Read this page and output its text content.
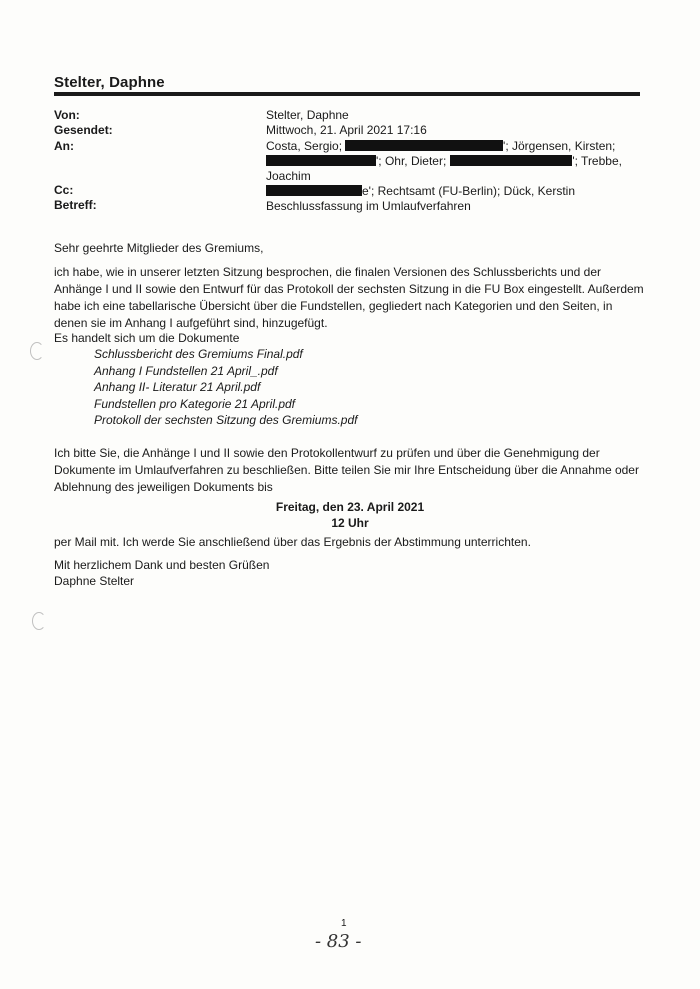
Stelter, Daphne
Von:
Gesendet:
An:
Cc:
Betreff:
Stelter, Daphne
Mittwoch, 21. April 2021 17:16
Costa, Sergio;	'; Jörgensen, Kirsten;
'; Ohr, Dieter;	'; Trebbe,
Joachim
e'; Rechtsamt (FU-Berlin); Dück, Kerstin
Beschlussfassung im Umlaufverfahren
Sehr geehrte Mitglieder des Gremiums,
ich habe, wie in unserer letzten Sitzung besprochen, die finalen Versionen des Schlussberichts und der Anhänge I und II sowie den Entwurf für das Protokoll der sechsten Sitzung in die FU Box eingestellt. Außerdem habe ich eine tabellarische Übersicht über die Fundstellen, gegliedert nach Kategorien und den Seiten, in denen sie im Anhang I aufgeführt sind, hinzugefügt.
Es handelt sich um die Dokumente
Schlussbericht des Gremiums Final.pdf
Anhang I Fundstellen 21 April_.pdf
Anhang II- Literatur 21 April.pdf
Fundstellen pro Kategorie 21 April.pdf
Protokoll der sechsten Sitzung des Gremiums.pdf
Ich bitte Sie, die Anhänge I und II sowie den Protokollentwurf zu prüfen und über die Genehmigung der Dokumente im Umlaufverfahren zu beschließen. Bitte teilen Sie mir Ihre Entscheidung über die Annahme oder Ablehnung des jeweiligen Dokuments bis
Freitag, den 23. April 2021
12 Uhr
per Mail mit. Ich werde Sie anschließend über das Ergebnis der Abstimmung unterrichten.
Mit herzlichem Dank und besten Grüßen
Daphne Stelter
1
- 83 -
